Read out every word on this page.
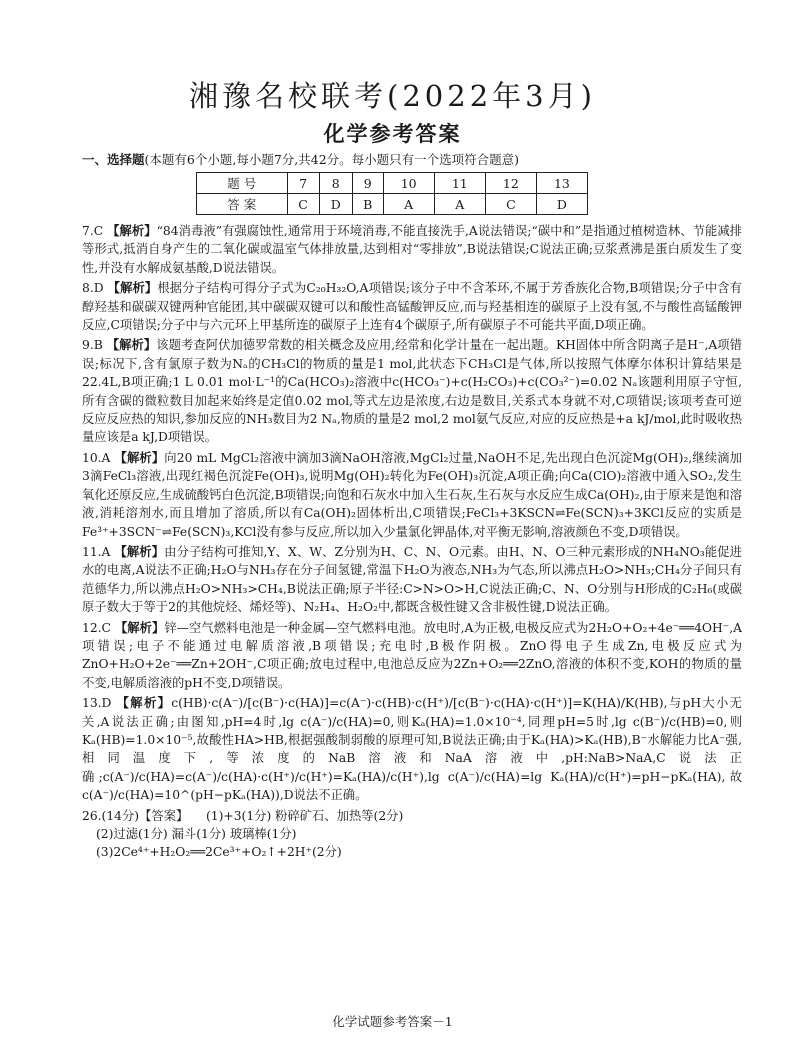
湘豫名校联考(2022年3月)
化学参考答案
一、选择题(本题有6个小题,每小题7分,共42分。每小题只有一个选项符合题意)
题 号	7	8	9	10	11	12	13
答 案	C	D	B	A	A	C	D

7.C 【解析】“84消毒液”有强腐蚀性,通常用于环境消毒,不能直接洗手,A说法错误;“碳中和”是指通过植树造林、节能减排等形式,抵消自身产生的二氧化碳或温室气体排放量,达到相对“零排放”,B说法错误;C说法正确;豆浆煮沸是蛋白质发生了变性,并没有水解成氨基酸,D说法错误。

8.D 【解析】根据分子结构可得分子式为C₂₀H₃₂O,A项错误;该分子中不含苯环,不属于芳香族化合物,B项错误;分子中含有醇羟基和碳碳双键两种官能团,其中碳碳双键可以和酸性高锰酸钾反应,而与羟基相连的碳原子上没有氢,不与酸性高锰酸钾反应,C项错误;分子中与六元环上甲基所连的碳原子上连有4个碳原子,所有碳原子不可能共平面,D项正确。

9.B 【解析】该题考查阿伏加德罗常数的相关概念及应用,经常和化学计量在一起出题。KH固体中所含阴离子是H⁻,A项错误;标况下,含有氯原子数为Nₐ的CH₃Cl的物质的量是1 mol,此状态下CH₃Cl是气体,所以按照气体摩尔体积计算结果是22.4L,B项正确;1 L 0.01 mol·L⁻¹的Ca(HCO₃)₂溶液中c(HCO₃⁻)+c(H₂CO₃)+c(CO₃²⁻)=0.02 Nₐ该题利用原子守恒,所有含碳的微粒数目加起来始终是定值0.02 mol,等式左边是浓度,右边是数目,关系式本身就不对,C项错误;该项考查可逆反应反应热的知识,参加反应的NH₃数目为2 Nₐ,物质的量是2 mol,2 mol氨气反应,对应的反应热是+a kJ/mol,此时吸收热量应该是a kJ,D项错误。

10.A 【解析】向20 mL MgCl₂溶液中滴加3滴NaOH溶液,MgCl₂过量,NaOH不足,先出现白色沉淀Mg(OH)₂,继续滴加3滴FeCl₃溶液,出现红褐色沉淀Fe(OH)₃,说明Mg(OH)₂转化为Fe(OH)₃沉淀,A项正确;向Ca(ClO)₂溶液中通入SO₂,发生氧化还原反应,生成硫酸钙白色沉淀,B项错误;向饱和石灰水中加入生石灰,生石灰与水反应生成Ca(OH)₂,由于原来是饱和溶液,消耗溶剂水,而且增加了溶质,所以有Ca(OH)₂固体析出,C项错误;FeCl₃+3KSCN⇌Fe(SCN)₃+3KCl反应的实质是Fe³⁺+3SCN⁻⇌Fe(SCN)₃,KCl没有参与反应,所以加入少量氯化钾晶体,对平衡无影响,溶液颜色不变,D项错误。

11.A 【解析】由分子结构可推知,Y、X、W、Z分别为H、C、N、O元素。由H、N、O三种元素形成的NH₄NO₃能促进水的电离,A说法不正确;H₂O与NH₃存在分子间氢键,常温下H₂O为液态,NH₃为气态,所以沸点H₂O>NH₃;CH₄分子间只有范德华力,所以沸点H₂O>NH₃>CH₄,B说法正确;原子半径:C>N>O>H,C说法正确;C、N、O分别与H形成的C₂H₆(或碳原子数大于等于2的其他烷烃、烯烃等)、N₂H₄、H₂O₂中,都既含极性键又含非极性键,D说法正确。

12.C 【解析】锌—空气燃料电池是一种金属—空气燃料电池。放电时,A为正极,电极反应式为2H₂O+O₂+4e⁻══4OH⁻,A项错误;电子不能通过电解质溶液,B项错误;充电时,B极作阴极。ZnO得电子生成Zn,电极反应式为ZnO+H₂O+2e⁻══Zn+2OH⁻,C项正确;放电过程中,电池总反应为2Zn+O₂══2ZnO,溶液的体积不变,KOH的物质的量不变,电解质溶液的pH不变,D项错误。

13.D 【解析】c(HB)·c(A⁻)/[c(B⁻)·c(HA)]=c(A⁻)·c(HB)·c(H⁺)/[c(B⁻)·c(HA)·c(H⁺)]=K(HA)/K(HB),与pH大小无关,A说法正确;由图知,pH=4时,lg c(A⁻)/c(HA)=0,则Kₐ(HA)=1.0×10⁻⁴,同理pH=5时,lg c(B⁻)/c(HB)=0,则Kₐ(HB)=1.0×10⁻⁵,故酸性HA>HB,根据强酸制弱酸的原理可知,B说法正确;由于Kₐ(HA)>Kₐ(HB),B⁻水解能力比A⁻强,相同温度下,等浓度的NaB溶液和NaA溶液中,pH:NaB>NaA,C说法正确;c(A⁻)/c(HA)=c(A⁻)/c(HA)·c(H⁺)/c(H⁺)=Kₐ(HA)/c(H⁺),lg c(A⁻)/c(HA)=lg Kₐ(HA)/c(H⁺)=pH−pKₐ(HA),故c(A⁻)/c(HA)=10^(pH−pKₐ(HA)),D说法不正确。

26.(14分)【答案】	(1)+3(1分) 粉碎矿石、加热等(2分)

(2)过滤(1分) 漏斗(1分) 玻璃棒(1分)

(3)2Ce⁴⁺+H₂O₂══2Ce³⁺+O₂↑+2H⁺(2分)

化学试题参考答案－1
